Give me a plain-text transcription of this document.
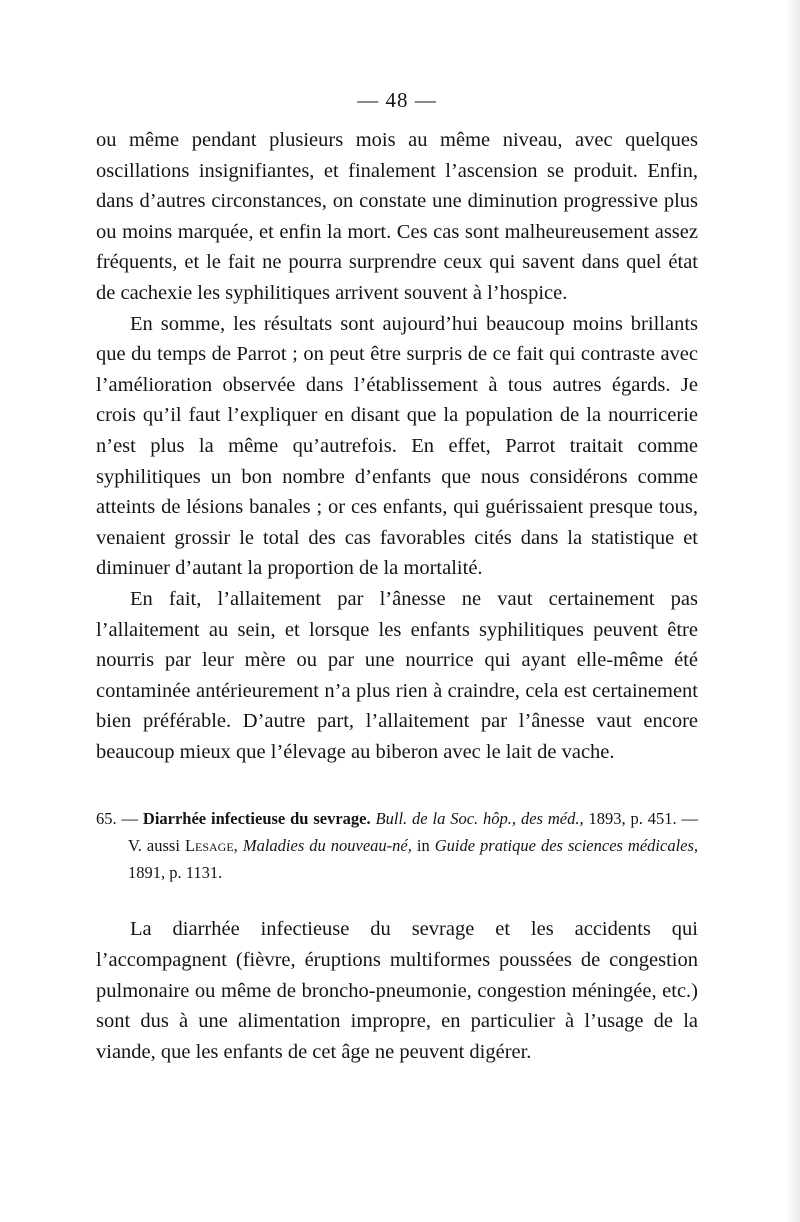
— 48 —

ou même pendant plusieurs mois au même niveau, avec quelques oscillations insignifiantes, et finalement l’ascension se produit. Enfin, dans d’autres circonstances, on constate une diminution progressive plus ou moins marquée, et enfin la mort. Ces cas sont malheureusement assez fréquents, et le fait ne pourra surprendre ceux qui savent dans quel état de cachexie les syphilitiques arrivent souvent à l’hospice.

En somme, les résultats sont aujourd’hui beaucoup moins brillants que du temps de Parrot ; on peut être surpris de ce fait qui contraste avec l’amélioration observée dans l’établissement à tous autres égards. Je crois qu’il faut l’expliquer en disant que la population de la nourricerie n’est plus la même qu’autrefois. En effet, Parrot traitait comme syphilitiques un bon nombre d’enfants que nous considérons comme atteints de lésions banales ; or ces enfants, qui guérissaient presque tous, venaient grossir le total des cas favorables cités dans la statistique et diminuer d’autant la proportion de la mortalité.

En fait, l’allaitement par l’ânesse ne vaut certainement pas l’allaitement au sein, et lorsque les enfants syphilitiques peuvent être nourris par leur mère ou par une nourrice qui ayant elle-même été contaminée antérieurement n’a plus rien à craindre, cela est certainement bien préférable. D’autre part, l’allaitement par l’ânesse vaut encore beaucoup mieux que l’élevage au biberon avec le lait de vache.

65. — Diarrhée infectieuse du sevrage. Bull. de la Soc. hôp., des méd., 1893, p. 451. — V. aussi Lesage, Maladies du nouveau-né, in Guide pratique des sciences médicales, 1891, p. 1131.

La diarrhée infectieuse du sevrage et les accidents qui l’accompagnent (fièvre, éruptions multiformes poussées de congestion pulmonaire ou même de broncho-pneumonie, congestion méningée, etc.) sont dus à une alimentation impropre, en particulier à l’usage de la viande, que les enfants de cet âge ne peuvent digérer.
